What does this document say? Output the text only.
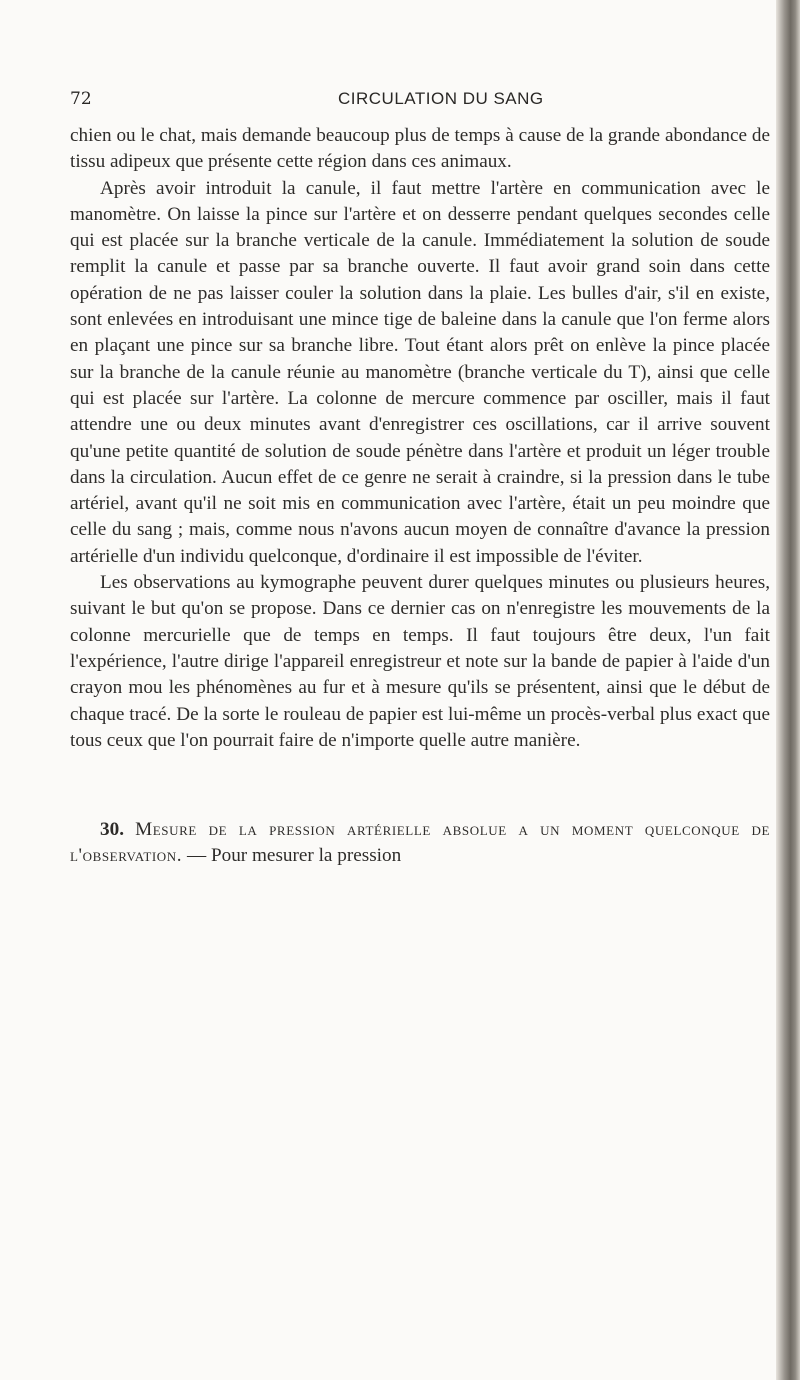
72	CIRCULATION DU SANG

chien ou le chat, mais demande beaucoup plus de temps à cause de la grande abondance de tissu adipeux que présente cette région dans ces animaux.

Après avoir introduit la canule, il faut mettre l'artère en communication avec le manomètre. On laisse la pince sur l'artère et on desserre pendant quelques secondes celle qui est placée sur la branche verticale de la canule. Immédiatement la solution de soude remplit la canule et passe par sa branche ouverte. Il faut avoir grand soin dans cette opération de ne pas laisser couler la solution dans la plaie. Les bulles d'air, s'il en existe, sont enlevées en introduisant une mince tige de baleine dans la canule que l'on ferme alors en plaçant une pince sur sa branche libre. Tout étant alors prêt on enlève la pince placée sur la branche de la canule réunie au manomètre (branche verticale du T), ainsi que celle qui est placée sur l'artère. La colonne de mercure commence par osciller, mais il faut attendre une ou deux minutes avant d'enregistrer ces oscillations, car il arrive souvent qu'une petite quantité de solution de soude pénètre dans l'artère et produit un léger trouble dans la circulation. Aucun effet de ce genre ne serait à craindre, si la pression dans le tube artériel, avant qu'il ne soit mis en communication avec l'artère, était un peu moindre que celle du sang ; mais, comme nous n'avons aucun moyen de connaître d'avance la pression artérielle d'un individu quelconque, d'ordinaire il est impossible de l'éviter.

Les observations au kymographe peuvent durer quelques minutes ou plusieurs heures, suivant le but qu'on se propose. Dans ce dernier cas on n'enregistre les mouvements de la colonne mercurielle que de temps en temps. Il faut toujours être deux, l'un fait l'expérience, l'autre dirige l'appareil enregistreur et note sur la bande de papier à l'aide d'un crayon mou les phénomènes au fur et à mesure qu'ils se présentent, ainsi que le début de chaque tracé. De la sorte le rouleau de papier est lui-même un procès-verbal plus exact que tous ceux que l'on pourrait faire de n'importe quelle autre manière.

30. Mesure de la pression artérielle absolue a un moment quelconque de l'observation. — Pour mesurer la pression
